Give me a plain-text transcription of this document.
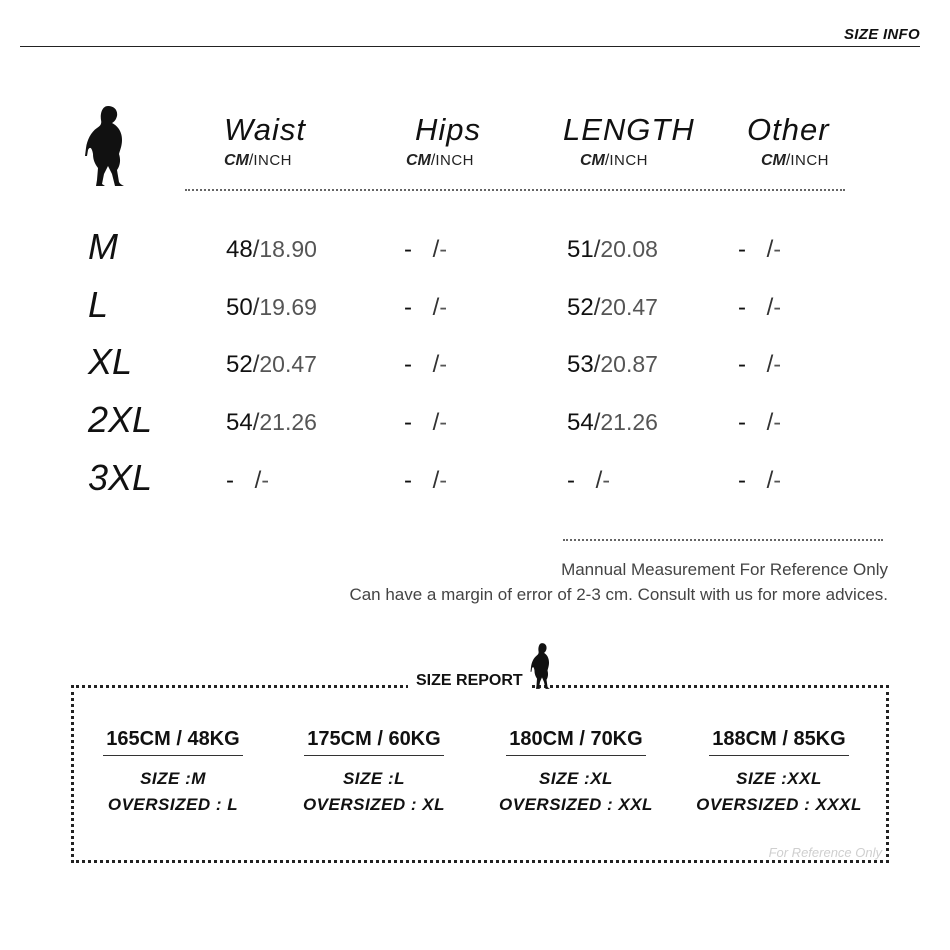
SIZE INFO
Waist
CM/INCH
Hips
CM/INCH
LENGTH
CM/INCH
Other
CM/INCH
M	48/18.90	- /-	51/20.08	- /-
L	50/19.69	- /-	52/20.47	- /-
XL	52/20.47	- /-	53/20.87	- /-
2XL	54/21.26	- /-	54/21.26	- /-
3XL	- /-	- /-	- /-	- /-
Mannual Measurement For Reference Only
Can have a margin of error of 2-3 cm. Consult with us for more advices.
SIZE REPORT
165CM / 48KG
SIZE :M
OVERSIZED : L
175CM / 60KG
SIZE :L
OVERSIZED : XL
180CM / 70KG
SIZE :XL
OVERSIZED : XXL
188CM / 85KG
SIZE :XXL
OVERSIZED : XXXL
For Reference Only
